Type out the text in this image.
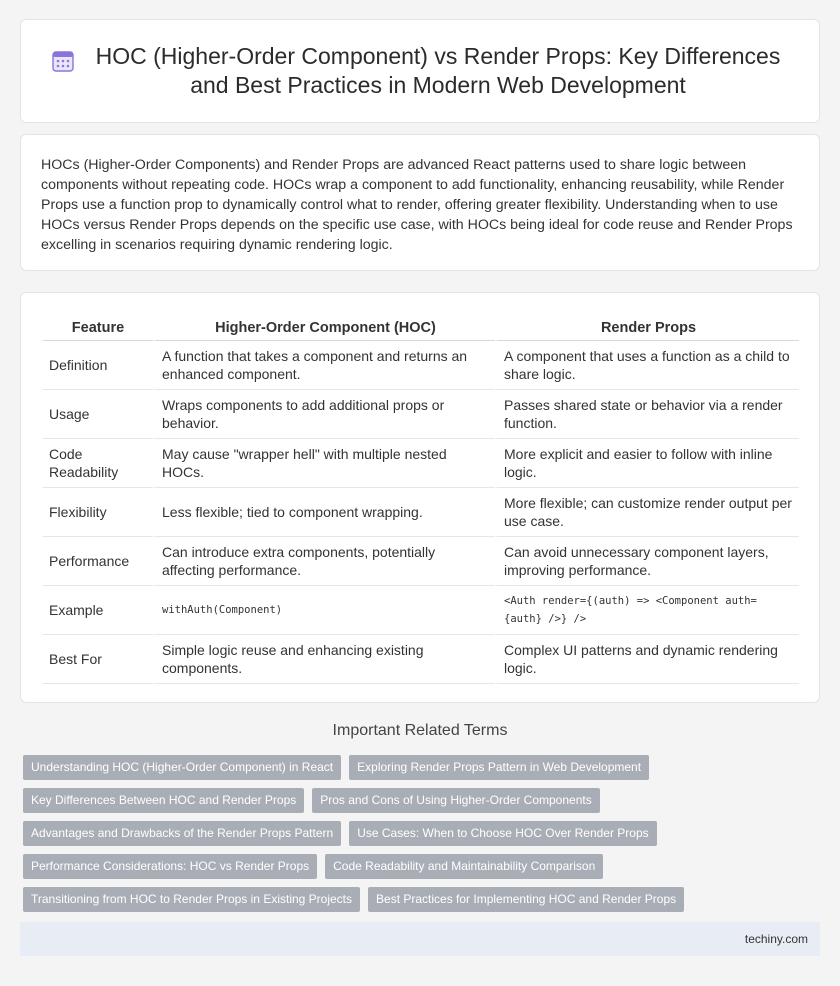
HOC (Higher-Order Component) vs Render Props: Key Differences and Best Practices in Modern Web Development

HOCs (Higher-Order Components) and Render Props are advanced React patterns used to share logic between components without repeating code. HOCs wrap a component to add functionality, enhancing reusability, while Render Props use a function prop to dynamically control what to render, offering greater flexibility. Understanding when to use HOCs versus Render Props depends on the specific use case, with HOCs being ideal for code reuse and Render Props excelling in scenarios requiring dynamic rendering logic.

Feature	Higher-Order Component (HOC)	Render Props
Definition	A function that takes a component and returns an enhanced component.	A component that uses a function as a child to share logic.
Usage	Wraps components to add additional props or behavior.	Passes shared state or behavior via a render function.
Code Readability	May cause "wrapper hell" with multiple nested HOCs.	More explicit and easier to follow with inline logic.
Flexibility	Less flexible; tied to component wrapping.	More flexible; can customize render output per use case.
Performance	Can introduce extra components, potentially affecting performance.	Can avoid unnecessary component layers, improving performance.
Example	withAuth(Component)	<Auth render={(auth) => <Component auth={auth} />} />
Best For	Simple logic reuse and enhancing existing components.	Complex UI patterns and dynamic rendering logic.
Important Related Terms
Understanding HOC (Higher-Order Component) in React	Exploring Render Props Pattern in Web Development
Key Differences Between HOC and Render Props	Pros and Cons of Using Higher-Order Components
Advantages and Drawbacks of the Render Props Pattern	Use Cases: When to Choose HOC Over Render Props
Performance Considerations: HOC vs Render Props	Code Readability and Maintainability Comparison
Transitioning from HOC to Render Props in Existing Projects	Best Practices for Implementing HOC and Render Props
techiny.com
